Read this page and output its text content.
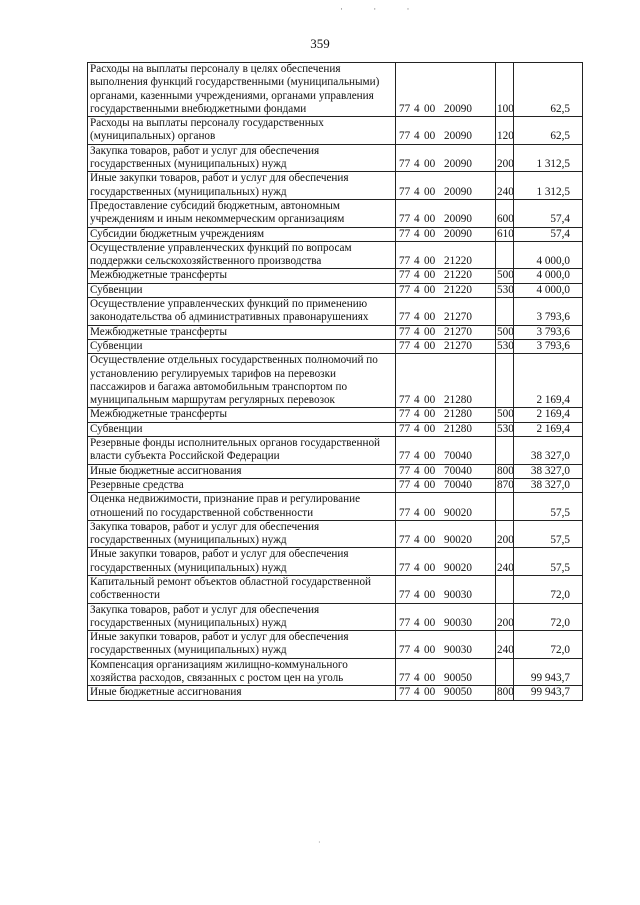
· · ·
359
Расходы на выплаты персоналу в целях обеспечения выполнения функций государственными (муниципальными) органами, казенными учреждениями, органами управления государственными внебюджетными фондами	77 4 00 20090	100	62,5
Расходы на выплаты персоналу государственных (муниципальных) органов	77 4 00 20090	120	62,5
Закупка товаров, работ и услуг для обеспечения государственных (муниципальных) нужд	77 4 00 20090	200	1 312,5
Иные закупки товаров, работ и услуг для обеспечения государственных (муниципальных) нужд	77 4 00 20090	240	1 312,5
Предоставление субсидий бюджетным, автономным учреждениям и иным некоммерческим организациям	77 4 00 20090	600	57,4
Субсидии бюджетным учреждениям	77 4 00 20090	610	57,4
Осуществление управленческих функций по вопросам поддержки сельскохозяйственного производства	77 4 00 21220		4 000,0
Межбюджетные трансферты	77 4 00 21220	500	4 000,0
Субвенции	77 4 00 21220	530	4 000,0
Осуществление управленческих функций по применению законодательства об административных правонарушениях	77 4 00 21270		3 793,6
Межбюджетные трансферты	77 4 00 21270	500	3 793,6
Субвенции	77 4 00 21270	530	3 793,6
Осуществление отдельных государственных полномочий по установлению регулируемых тарифов на перевозки пассажиров и багажа автомобильным транспортом по муниципальным маршрутам регулярных перевозок	77 4 00 21280		2 169,4
Межбюджетные трансферты	77 4 00 21280	500	2 169,4
Субвенции	77 4 00 21280	530	2 169,4
Резервные фонды исполнительных органов государственной власти субъекта Российской Федерации	77 4 00 70040		38 327,0
Иные бюджетные ассигнования	77 4 00 70040	800	38 327,0
Резервные средства	77 4 00 70040	870	38 327,0
Оценка недвижимости, признание прав и регулирование отношений по государственной собственности	77 4 00 90020		57,5
Закупка товаров, работ и услуг для обеспечения государственных (муниципальных) нужд	77 4 00 90020	200	57,5
Иные закупки товаров, работ и услуг для обеспечения государственных (муниципальных) нужд	77 4 00 90020	240	57,5
Капитальный ремонт объектов областной государственной собственности	77 4 00 90030		72,0
Закупка товаров, работ и услуг для обеспечения государственных (муниципальных) нужд	77 4 00 90030	200	72,0
Иные закупки товаров, работ и услуг для обеспечения государственных (муниципальных) нужд	77 4 00 90030	240	72,0
Компенсация организациям жилищно-коммунального хозяйства расходов, связанных с ростом цен на уголь	77 4 00 90050		99 943,7
Иные бюджетные ассигнования	77 4 00 90050	800	99 943,7
·
